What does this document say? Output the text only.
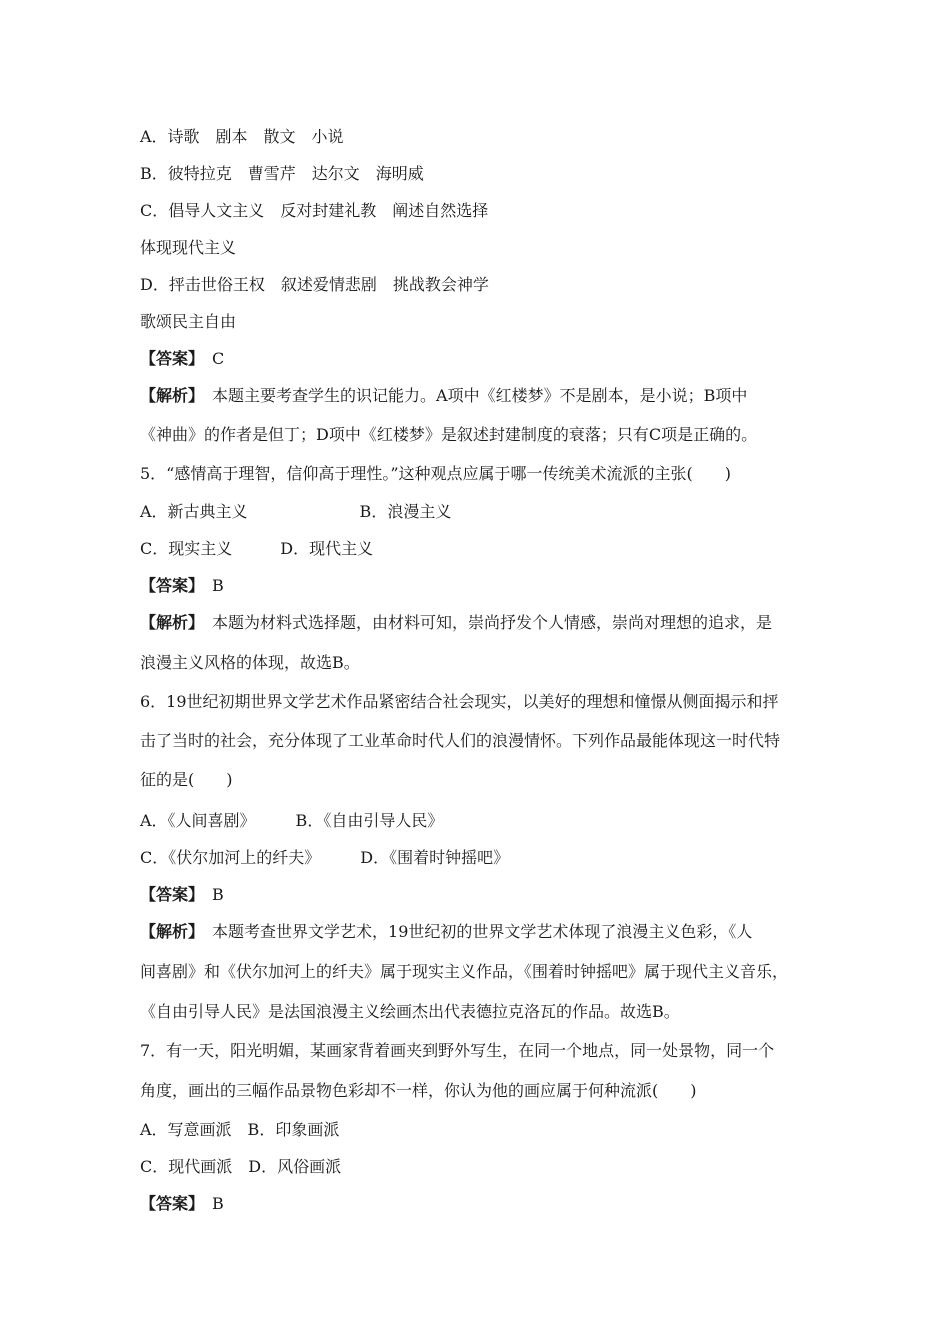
A．诗歌　剧本　散文　小说
B．彼特拉克　曹雪芹　达尔文　海明威
C．倡导人文主义　反对封建礼教　阐述自然选择
体现现代主义
D．抨击世俗王权　叙述爱情悲剧　挑战教会神学
歌颂民主自由
【答案】　 C
【解析】　 本题主要考查学生的识记能力。A项中《红楼梦》不是剧本，是小说；B项中
《神曲》的作者是但丁；D项中《红楼梦》是叙述封建制度的衰落；只有C项是正确的。
5．“感情高于理智，信仰高于理性。”这种观点应属于哪一传统美术流派的主张(　　)
A．新古典主义　　　　　　　B．浪漫主义
C．现实主义　　　D．现代主义
【答案】　 B
【解析】　 本题为材料式选择题，由材料可知，崇尚抒发个人情感，崇尚对理想的追求，是
浪漫主义风格的体现，故选B。
6．19世纪初期世界文学艺术作品紧密结合社会现实，以美好的理想和憧憬从侧面揭示和抨
击了当时的社会，充分体现了工业革命时代人们的浪漫情怀。下列作品最能体现这一时代特
征的是(　　)
A．《人间喜剧》　　　B．《自由引导人民》
C．《伏尔加河上的纤夫》　　　D．《围着时钟摇吧》
【答案】　 B
【解析】　 本题考查世界文学艺术，19世纪初的世界文学艺术体现了浪漫主义色彩，《人
间喜剧》和《伏尔加河上的纤夫》属于现实主义作品，《围着时钟摇吧》属于现代主义音乐，
《自由引导人民》是法国浪漫主义绘画杰出代表德拉克洛瓦的作品。故选B。
7．有一天，阳光明媚，某画家背着画夹到野外写生，在同一个地点，同一处景物，同一个
角度，画出的三幅作品景物色彩却不一样，你认为他的画应属于何种流派(　　)
A．写意画派　B．印象画派
C．现代画派　D．风俗画派
【答案】　 B
